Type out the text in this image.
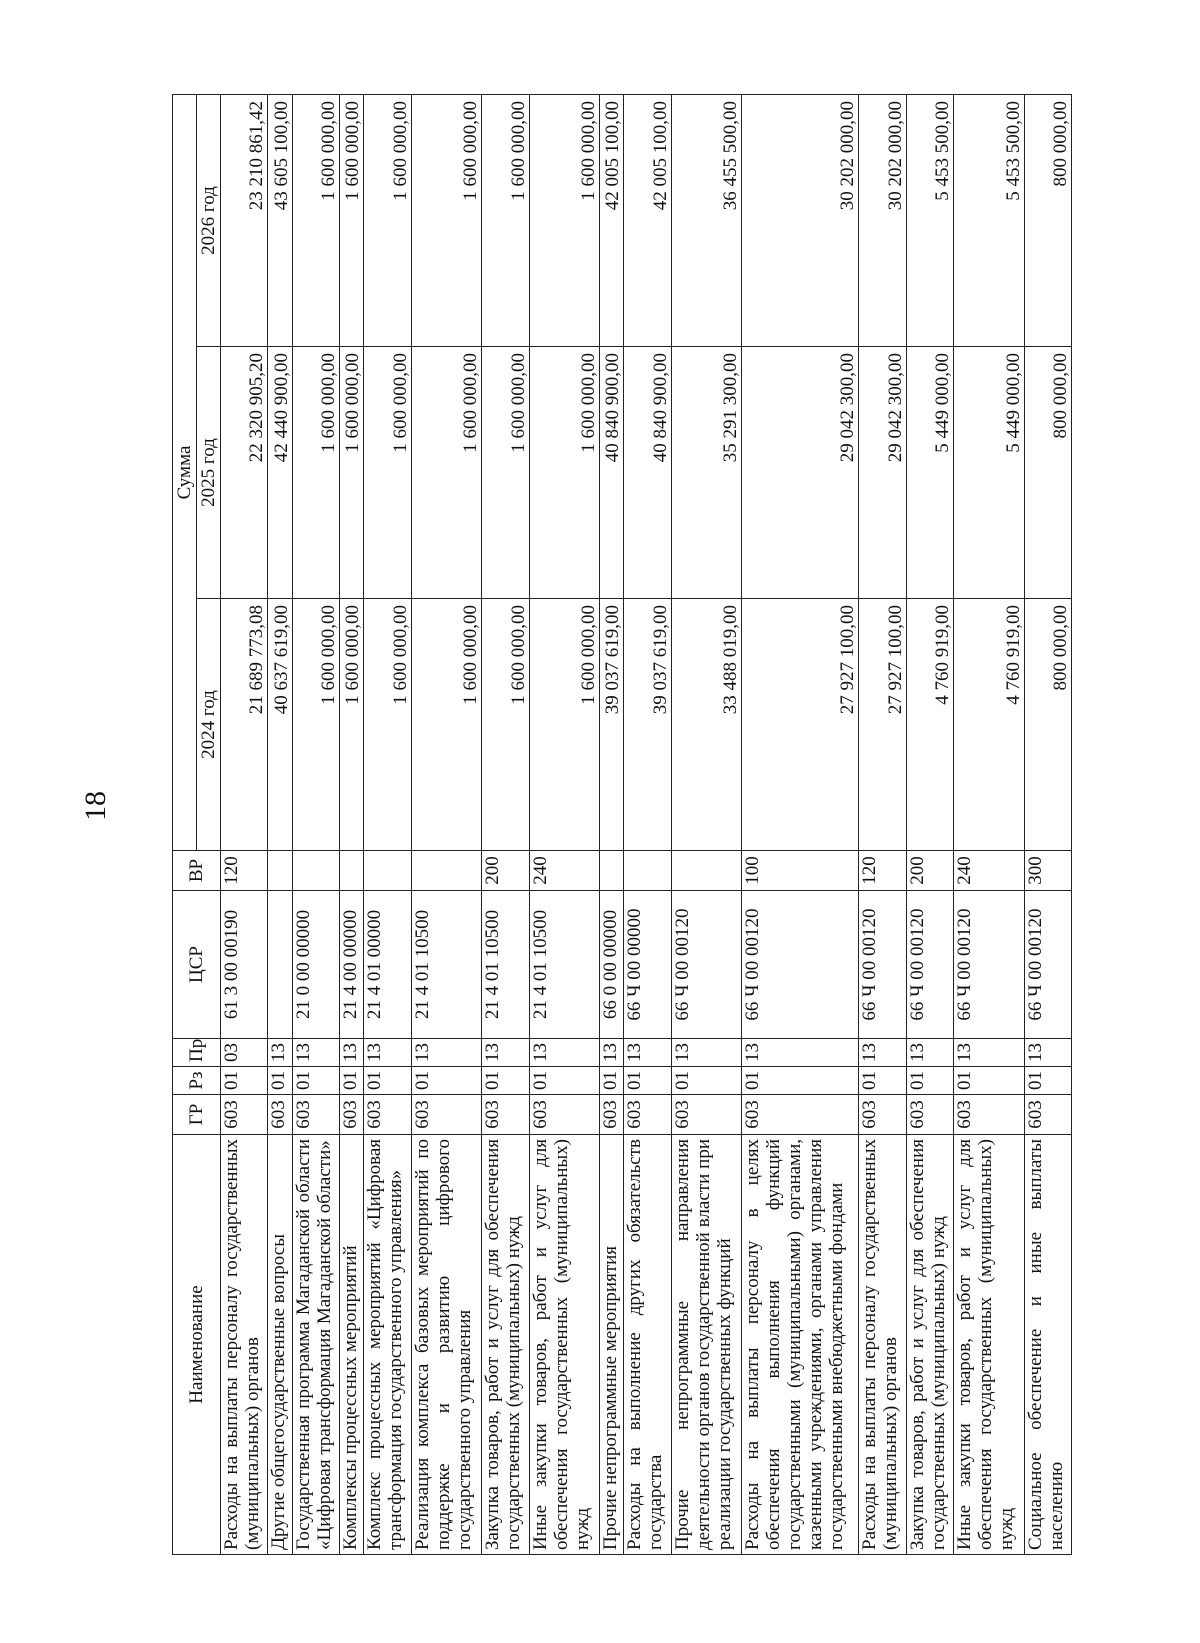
18
Наименование	ГР	Рз	Пр	ЦСР	ВР	Сумма		
						2024 год	2025 год	2026 год
Расходы на выплаты персоналу государственных (муниципальных) органов	603	01	03	61 3 00 00190	120	21 689 773,08	22 320 905,20	23 210 861,42
Другие общегосударственные вопросы	603	01	13			40 637 619,00	42 440 900,00	43 605 100,00
Государственная программа Магаданской области «Цифровая трансформация Магаданской области»	603	01	13	21 0 00 00000		1 600 000,00	1 600 000,00	1 600 000,00
Комплексы процессных мероприятий	603	01	13	21 4 00 00000		1 600 000,00	1 600 000,00	1 600 000,00
Комплекс процессных мероприятий «Цифровая трансформация государственного управления»	603	01	13	21 4 01 00000		1 600 000,00	1 600 000,00	1 600 000,00
Реализация комплекса базовых мероприятий по поддержке и развитию цифрового государственного управления	603	01	13	21 4 01 10500		1 600 000,00	1 600 000,00	1 600 000,00
Закупка товаров, работ и услуг для обеспечения государственных (муниципальных) нужд	603	01	13	21 4 01 10500	200	1 600 000,00	1 600 000,00	1 600 000,00
Иные закупки товаров, работ и услуг для обеспечения государственных (муниципальных) нужд	603	01	13	21 4 01 10500	240	1 600 000,00	1 600 000,00	1 600 000,00
Прочие непрограммные мероприятия	603	01	13	66 0 00 00000		39 037 619,00	40 840 900,00	42 005 100,00
Расходы на выполнение других обязательств государства	603	01	13	66 Ч 00 00000		39 037 619,00	40 840 900,00	42 005 100,00
Прочие непрограммные направления деятельности органов государственной власти при реализации государственных функций	603	01	13	66 Ч 00 00120		33 488 019,00	35 291 300,00	36 455 500,00
Расходы на выплаты персоналу в целях обеспечения выполнения функций государственными (муниципальными) органами, казенными учреждениями, органами управления государственными внебюджетными фондами	603	01	13	66 Ч 00 00120	100	27 927 100,00	29 042 300,00	30 202 000,00
Расходы на выплаты персоналу государственных (муниципальных) органов	603	01	13	66 Ч 00 00120	120	27 927 100,00	29 042 300,00	30 202 000,00
Закупка товаров, работ и услуг для обеспечения государственных (муниципальных) нужд	603	01	13	66 Ч 00 00120	200	4 760 919,00	5 449 000,00	5 453 500,00
Иные закупки товаров, работ и услуг для обеспечения государственных (муниципальных) нужд	603	01	13	66 Ч 00 00120	240	4 760 919,00	5 449 000,00	5 453 500,00
Социальное обеспечение и иные выплаты населению	603	01	13	66 Ч 00 00120	300	800 000,00	800 000,00	800 000,00
